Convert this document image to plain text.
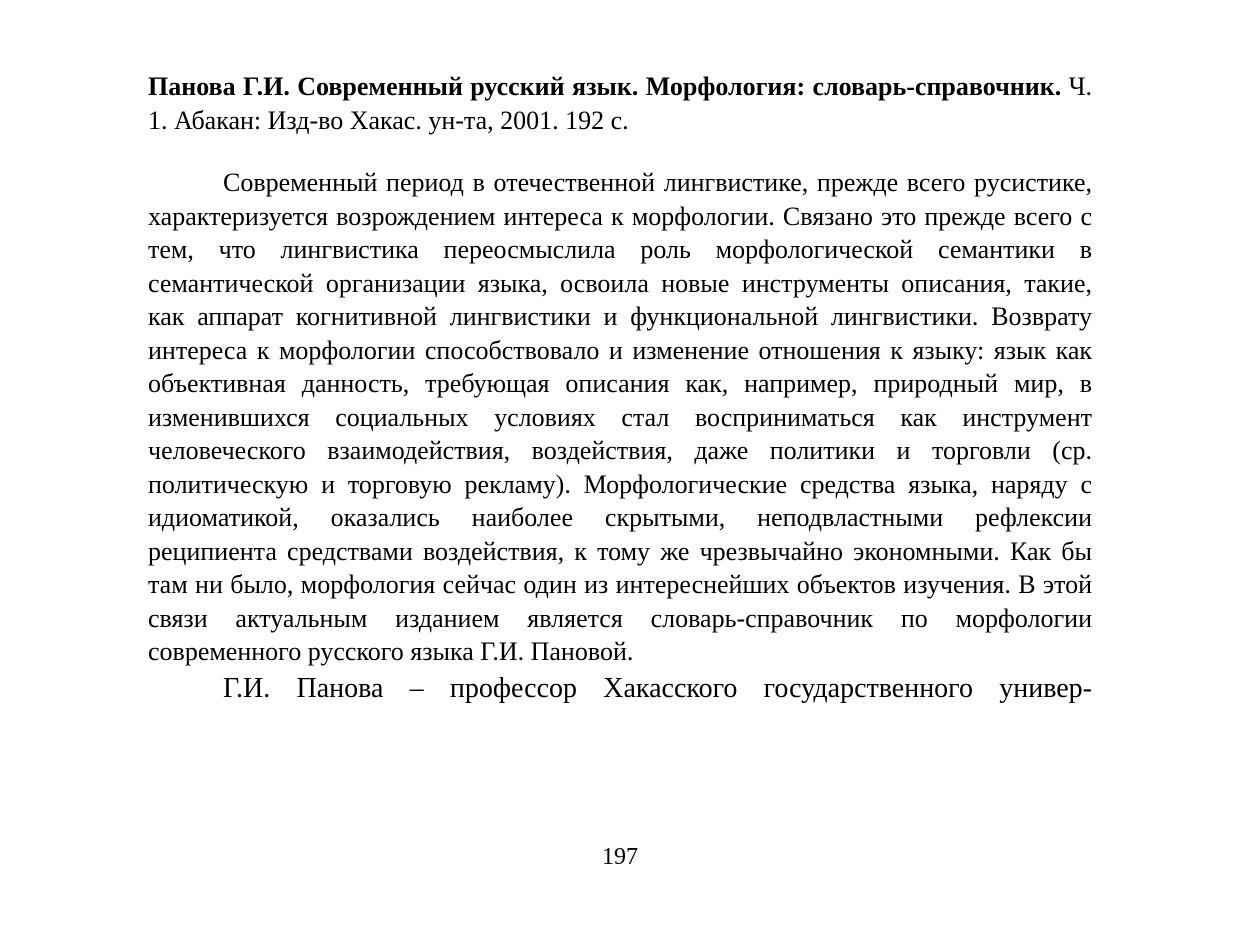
Панова Г.И. Современный русский язык. Морфология: словарь-справочник. Ч. 1. Абакан: Изд-во Хакас. ун-та, 2001. 192 с.

Современный период в отечественной лингвистике, прежде всего русистике, характеризуется возрождением интереса к морфологии. Связано это прежде всего с тем, что лингвистика переосмыслила роль морфологической семантики в семантической организации языка, освоила новые инструменты описания, такие, как аппарат когнитивной лингвистики и функциональной лингвистики. Возврату интереса к морфологии способствовало и изменение отношения к языку: язык как объективная данность, требующая описания как, например, природный мир, в изменившихся социальных условиях стал восприниматься как инструмент человеческого взаимодействия, воздействия, даже политики и торговли (ср. политическую и торговую рекламу). Морфологические средства языка, наряду с идиоматикой, оказались наиболее скрытыми, неподвластными рефлексии реципиента средствами воздействия, к тому же чрезвычайно экономными. Как бы там ни было, морфология сейчас один из интереснейших объектов изучения. В этой связи актуальным изданием является словарь-справочник по морфологии современного русского языка Г.И. Пановой.

Г.И. Панова – профессор Хакасского государственного универ-

197
